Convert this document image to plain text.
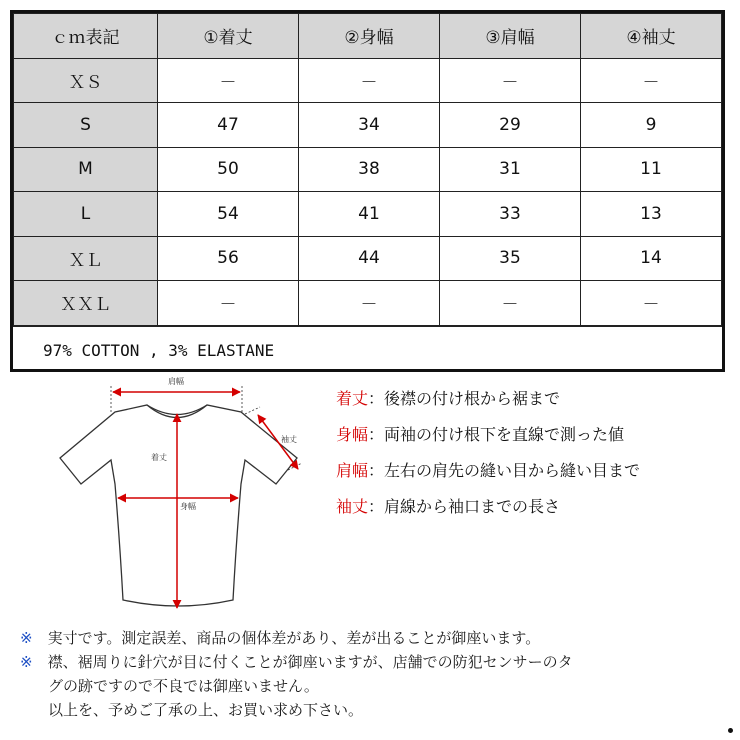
ｃｍ表記	①着丈	②身幅	③肩幅	④袖丈
ＸＳ	－	－	－	－
S	47	34	29	9
M	50	38	31	11
L	54	41	33	13
ＸＬ	56	44	35	14
ＸＸＬ	－	－	－	－
97% COTTON , 3% ELASTANE
肩幅
着丈
身幅
袖丈
着丈：後襟の付け根から裾まで
身幅：両袖の付け根下を直線で測った値
肩幅：左右の肩先の縫い目から縫い目まで
袖丈：肩線から袖口までの長さ
※　 実寸です。測定誤差、商品の個体差があり、差が出ることが御座います。
※　 襟、裾周りに針穴が目に付くことが御座いますが、店舗での防犯センサーのタ
グの跡ですので不良では御座いません。
以上を、予めご了承の上、お買い求め下さい。
